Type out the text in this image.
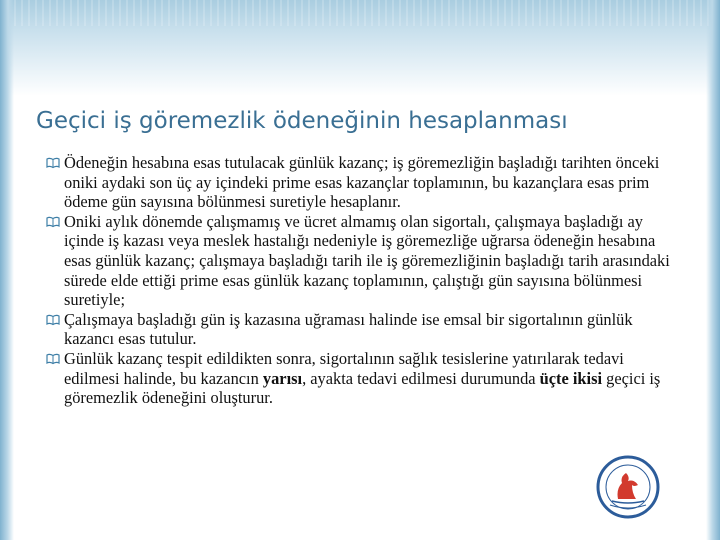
Geçici iş göremezlik ödeneğinin hesaplanması

Ödeneğin hesabına esas tutulacak günlük kazanç; iş göremezliğin başladığı tarihten önceki oniki aydaki son üç ay içindeki prime esas kazançlar toplamının, bu kazançlara esas prim ödeme gün sayısına bölünmesi suretiyle hesaplanır.

Oniki aylık dönemde çalışmamış ve ücret almamış olan sigortalı, çalışmaya başladığı ay içinde iş kazası veya meslek hastalığı nedeniyle iş göremezliğe uğrarsa ödeneğin hesabına esas günlük kazanç; çalışmaya başladığı tarih ile iş göremezliğinin başladığı tarih arasındaki sürede elde ettiği prime esas günlük kazanç toplamının, çalıştığı gün sayısına bölünmesi suretiyle;

Çalışmaya başladığı gün iş kazasına uğraması halinde ise emsal bir sigortalının günlük kazancı esas tutulur.

Günlük kazanç tespit edildikten sonra, sigortalının sağlık tesislerine yatırılarak tedavi edilmesi halinde, bu kazancın yarısı, ayakta tedavi edilmesi durumunda üçte ikisi geçici iş göremezlik ödeneğini oluşturur.
